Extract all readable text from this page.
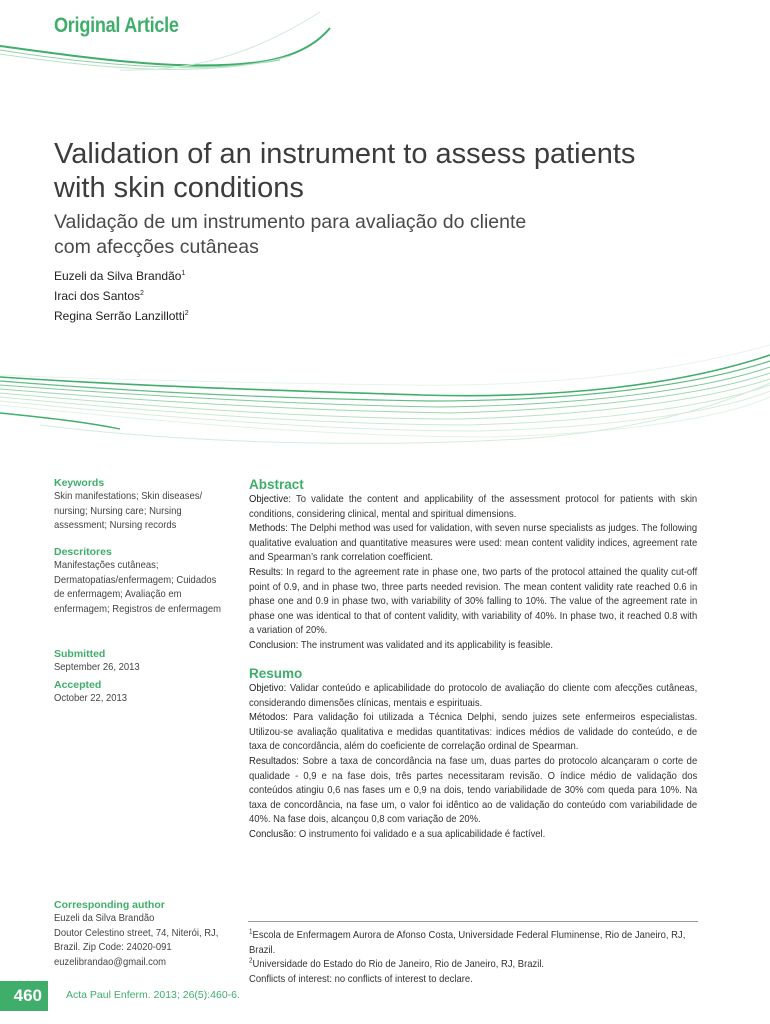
Original Article
Validation of an instrument to assess patients with skin conditions
Validação de um instrumento para avaliação do cliente com afecções cutâneas
Euzeli da Silva Brandão$^1$
Iraci dos Santos$^2$
Regina Serrão Lanzillotti$^2$
Keywords
Skin manifestations; Skin diseases/ nursing; Nursing care; Nursing assessment; Nursing records
Descritores
Manifestações cutâneas; Dermatopatias/enfermagem; Cuidados de enfermagem; Avaliação em enfermagem; Registros de enfermagem
Submitted
September 26, 2013
Accepted
October 22, 2013
Corresponding author
Euzeli da Silva Brandão
Doutor Celestino street, 74, Niterói, RJ, Brazil. Zip Code: 24020-091
euzelibrandao@gmail.com
Abstract

Objective: To validate the content and applicability of the assessment protocol for patients with skin conditions, considering clinical, mental and spiritual dimensions.

Methods: The Delphi method was used for validation, with seven nurse specialists as judges. The following qualitative evaluation and quantitative measures were used: mean content validity indices, agreement rate and Spearman’s rank correlation coefficient.

Results: In regard to the agreement rate in phase one, two parts of the protocol attained the quality cut-off point of 0.9, and in phase two, three parts needed revision. The mean content validity rate reached 0.6 in phase one and 0.9 in phase two, with variability of 30% falling to 10%. The value of the agreement rate in phase one was identical to that of content validity, with variability of 40%. In phase two, it reached 0.8 with a variation of 20%.

Conclusion: The instrument was validated and its applicability is feasible.

Resumo

Objetivo: Validar conteúdo e aplicabilidade do protocolo de avaliação do cliente com afecções cutâneas, considerando dimensões clínicas, mentais e espirituais.

Métodos: Para validação foi utilizada a Técnica Delphi, sendo juizes sete enfermeiros especialistas. Utilizou-se avaliação qualitativa e medidas quantitativas: indices médios de validade do conteúdo, e de taxa de concordância, além do coeficiente de correlação ordinal de Spearman.

Resultados: Sobre a taxa de concordância na fase um, duas partes do protocolo alcançaram o corte de qualidade - 0,9 e na fase dois, três partes necessitaram revisão. O índice médio de validação dos conteúdos atingiu 0,6 nas fases um e 0,9 na dois, tendo variabilidade de 30% com queda para 10%. Na taxa de concordância, na fase um, o valor foi idêntico ao de validação do conteúdo com variabilidade de 40%. Na fase dois, alcançou 0,8 com variação de 20%.

Conclusão: O instrumento foi validado e a sua aplicabilidade é factível.

$^1$Escola de Enfermagem Aurora de Afonso Costa, Universidade Federal Fluminense, Rio de Janeiro, RJ, Brazil.
$^2$Universidade do Estado do Rio de Janeiro, Rio de Janeiro, RJ, Brazil.
Conflicts of interest: no conflicts of interest to declare.
460	Acta Paul Enferm. 2013; 26(5):460-6.
